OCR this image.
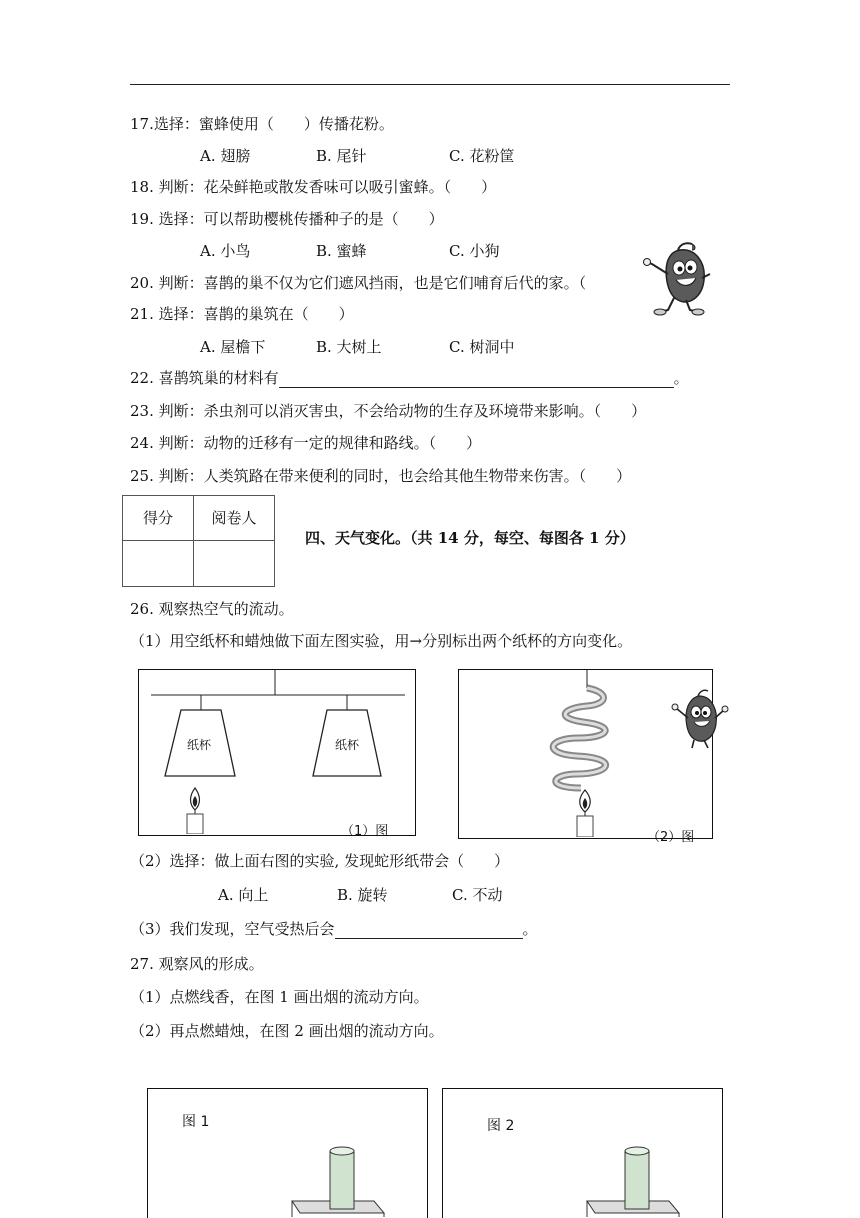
17.选择：蜜蜂使用（　　）传播花粉。
A. 翅膀	B. 尾针	C. 花粉筐
18. 判断：花朵鲜艳或散发香味可以吸引蜜蜂。（　　）
19. 选择：可以帮助樱桃传播种子的是（　　）
A. 小鸟	B. 蜜蜂	C. 小狗
20. 判断：喜鹊的巢不仅为它们遮风挡雨，也是它们哺育后代的家。（
21. 选择：喜鹊的巢筑在（　　）
A. 屋檐下	B. 大树上	C. 树洞中
22. 喜鹊筑巢的材料有	。
23. 判断：杀虫剂可以消灭害虫，不会给动物的生存及环境带来影响。（　　）
24. 判断：动物的迁移有一定的规律和路线。（　　）
25. 判断：人类筑路在带来便利的同时，也会给其他生物带来伤害。（　　）
得分	阅卷人
四、天气变化。（共 14 分，每空、每图各 1 分）
26. 观察热空气的流动。
（1）用空纸杯和蜡烛做下面左图实验，用→分别标出两个纸杯的方向变化。
纸杯	纸杯
（1）图	（2）图
（2）选择：做上面右图的实验, 发现蛇形纸带会（　　）
A. 向上	B. 旋转	C. 不动
（3）我们发现，空气受热后会	。
27. 观察风的形成。
（1）点燃线香，在图 1 画出烟的流动方向。
（2）再点燃蜡烛，在图 2 画出烟的流动方向。
图 1	图 2
